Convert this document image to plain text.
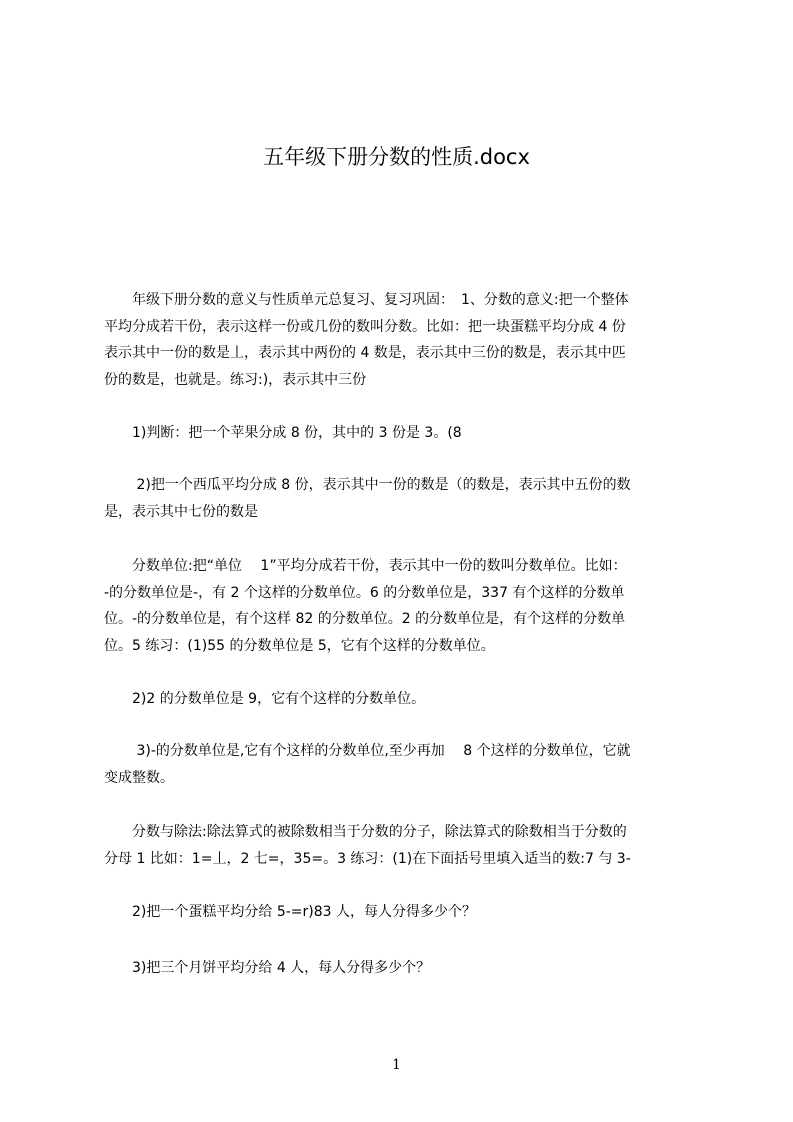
五年级下册分数的性质.docx

　　年级下册分数的意义与性质单元总复习、复习巩固：　1、分数的意义:把一个整体
平均分成若干份，表示这样一份或几份的数叫分数。比如：把一块蛋糕平均分成 4 份
表示其中一份的数是丄，表示其中两份的 4 数是，表示其中三份的数是，表示其中匹
份的数是，也就是。练习:)，表示其中三份

　　1)判断：把一个苹果分成 8 份，其中的 3 份是 3。(8

　　 2)把一个西瓜平均分成 8 份，表示其中一份的数是（的数是，表示其中五份的数
是，表示其中七份的数是

　　分数单位:把“单位　 1”平均分成若干份，表示其中一份的数叫分数单位。比如：
-的分数单位是-，有 2 个这样的分数单位。6 的分数单位是，337 有个这样的分数单
位。-的分数单位是，有个这样 82 的分数单位。2 的分数单位是，有个这样的分数单
位。5 练习：(1)55 的分数单位是 5，它有个这样的分数单位。

　　2)2 的分数单位是 9，它有个这样的分数单位。

　　 3)-的分数单位是,它有个这样的分数单位,至少再加　 8 个这样的分数单位，它就
变成整数。

　　分数与除法:除法算式的被除数相当于分数的分子，除法算式的除数相当于分数的
分母 1 比如：1=丄，2 七=，35=。3 练习：(1)在下面括号里填入适当的数:7 勻 3-

　　2)把一个蛋糕平均分给 5-=r)83 人，每人分得多少个？

　　3)把三个月饼平均分给 4 人，每人分得多少个？

1
